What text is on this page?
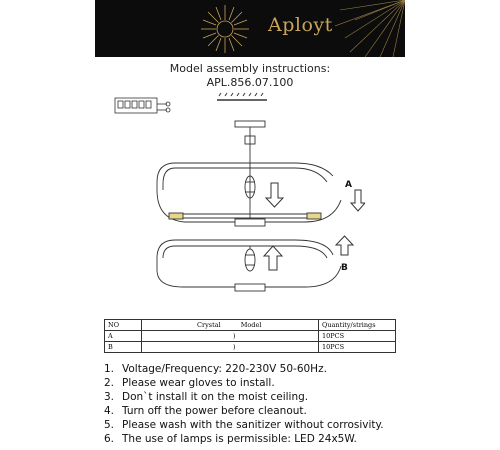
Aployt
Model assembly instructions:
APL.856.07.100
A
B
NO	Crystal Model	Quantity/strings
A	)	10PCS
B	)	10PCS
1. Voltage/Frequency: 220-230V 50-60Hz.
2. Please wear gloves to install.
3. Don`t install it on the moist ceiling.
4. Turn off the power before cleanout.
5. Please wash with the sanitizer without corrosivity.
6. The use of lamps is permissible: LED 24x5W.
